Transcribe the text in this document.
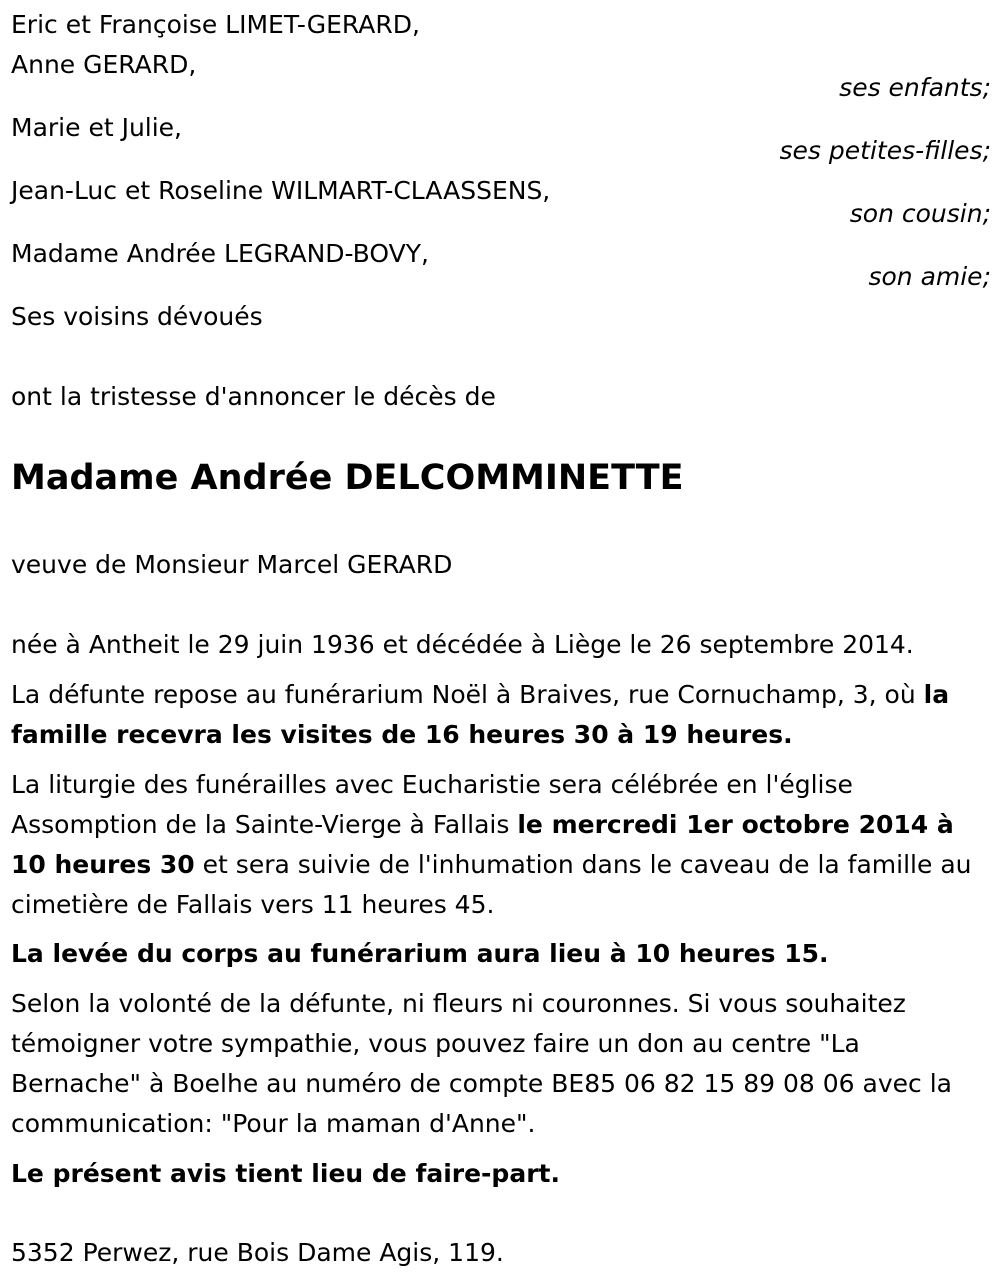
Eric et Françoise LIMET-GERARD,
Anne GERARD,
ses enfants;
Marie et Julie,
ses petites-filles;
Jean-Luc et Roseline WILMART-CLAASSENS,
son cousin;
Madame Andrée LEGRAND-BOVY,
son amie;
Ses voisins dévoués
ont la tristesse d'annoncer le décès de
Madame Andrée DELCOMMINETTE
veuve de Monsieur Marcel GERARD
née à Antheit le 29 juin 1936 et décédée à Liège le 26 septembre 2014.
La défunte repose au funérarium Noël à Braives, rue Cornuchamp, 3, où la famille recevra les visites de 16 heures 30 à 19 heures.
La liturgie des funérailles avec Eucharistie sera célébrée en l'église Assomption de la Sainte-Vierge à Fallais le mercredi 1er octobre 2014 à 10 heures 30 et sera suivie de l'inhumation dans le caveau de la famille au cimetière de Fallais vers 11 heures 45.
La levée du corps au funérarium aura lieu à 10 heures 15.
Selon la volonté de la défunte, ni fleurs ni couronnes. Si vous souhaitez témoigner votre sympathie, vous pouvez faire un don au centre "La Bernache" à Boelhe au numéro de compte BE85 06 82 15 89 08 06 avec la communication: "Pour la maman d'Anne".
Le présent avis tient lieu de faire-part.
5352 Perwez, rue Bois Dame Agis, 119.
